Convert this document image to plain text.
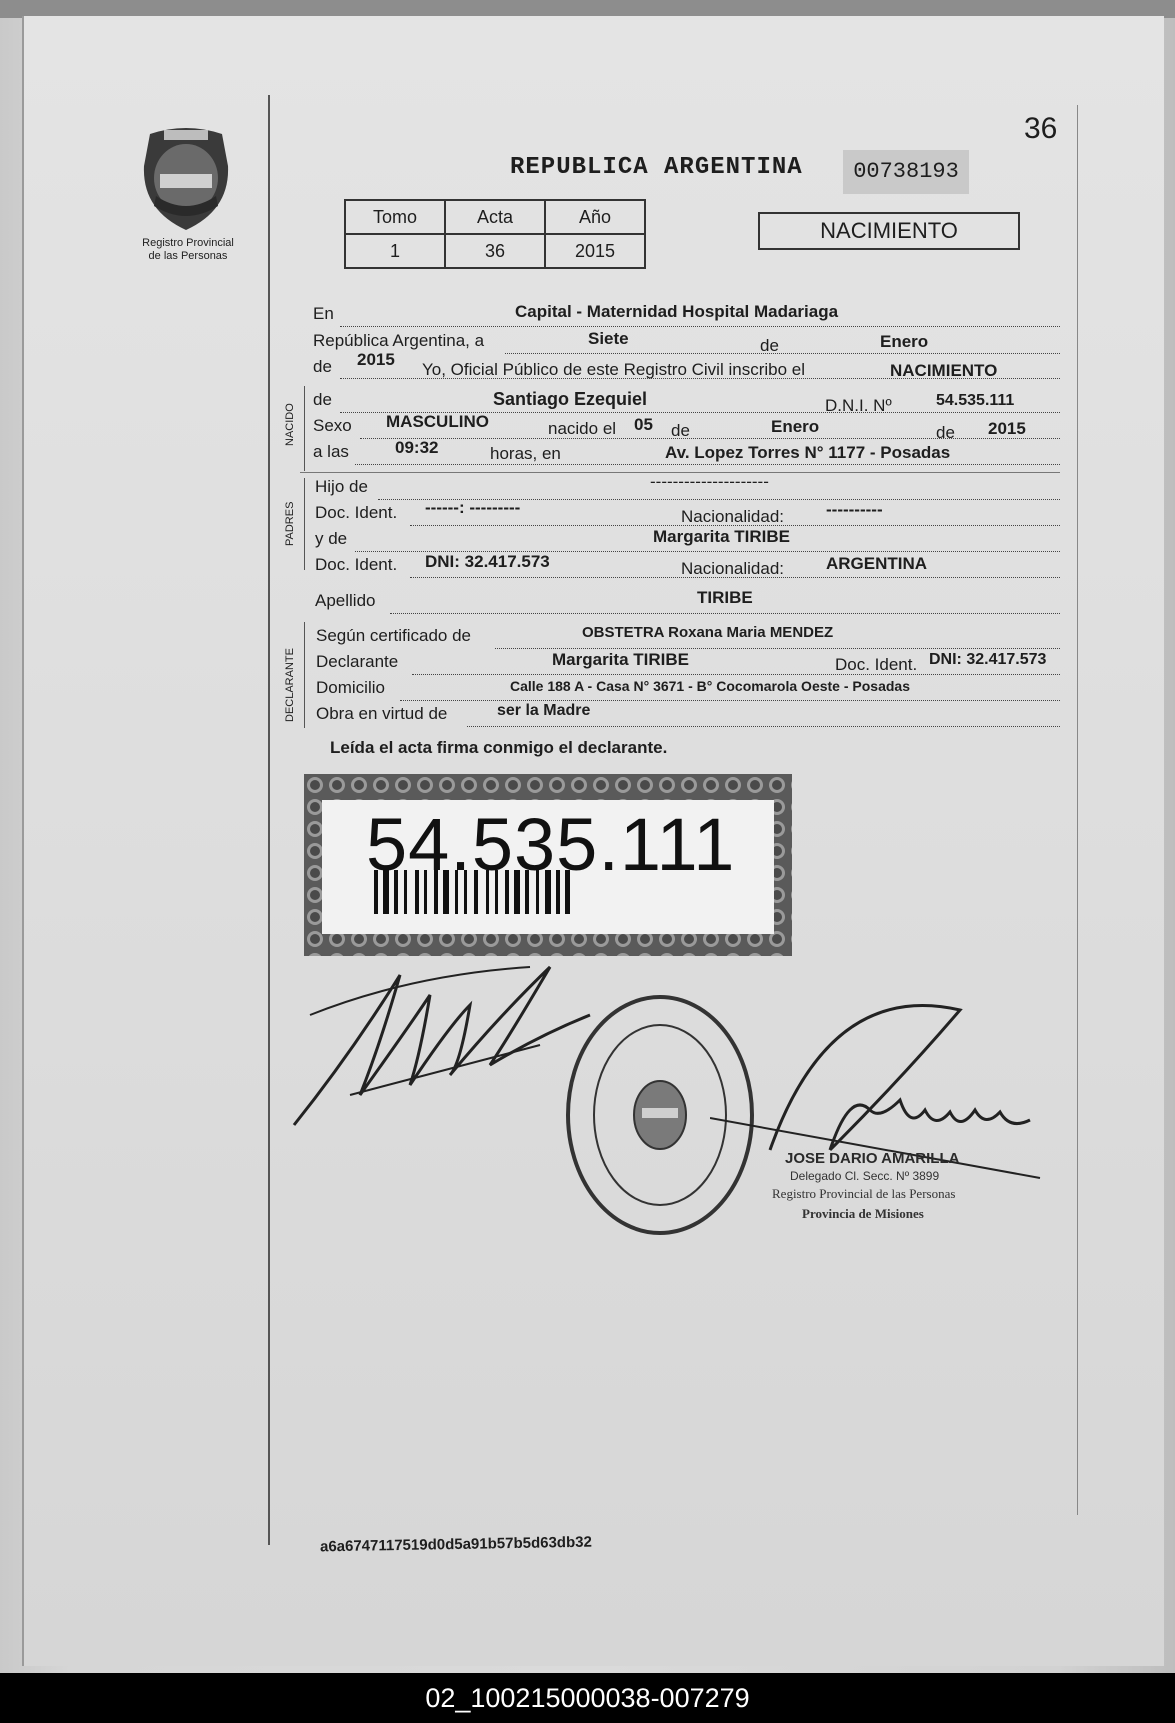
Registro Provincial
de las Personas
REPUBLICA ARGENTINA	00738193
36
Tomo	Acta	Año
1	36	2015
NACIMIENTO
En	Capital - Maternidad Hospital Madariaga
República Argentina, a	Siete	de	Enero
de 2015
Yo, Oficial Público de este Registro Civil inscribo el	NACIMIENTO
NACIDO
de	Santiago Ezequiel	D.N.I. Nº	54.535.111
Sexo MASCULINO	nacido el 05 de	Enero	de 2015
a las	09:32	horas, en	Av. Lopez Torres N° 1177 - Posadas
PADRES
Hijo de	---------------------
Doc. Ident. ------: ---------	Nacionalidad: ----------
y de	Margarita TIRIBE
Doc. Ident. DNI: 32.417.573	Nacionalidad: ARGENTINA
Apellido	TIRIBE
DECLARANTE
Según certificado de	OBSTETRA Roxana Maria MENDEZ
Declarante	Margarita TIRIBE	Doc. Ident. DNI: 32.417.573
Domicilio	Calle 188 A - Casa N° 3671 - B° Cocomarola Oeste - Posadas
Obra en virtud de	ser la Madre
Leída el acta firma conmigo el declarante.
54.535.111
JOSE DARIO AMARILLA
Delegado Cl. Secc. Nº 3899
Registro Provincial de las Personas
Provincia de Misiones
a6a6747117519d0d5a91b57b5d63db32
02_100215000038-007279
